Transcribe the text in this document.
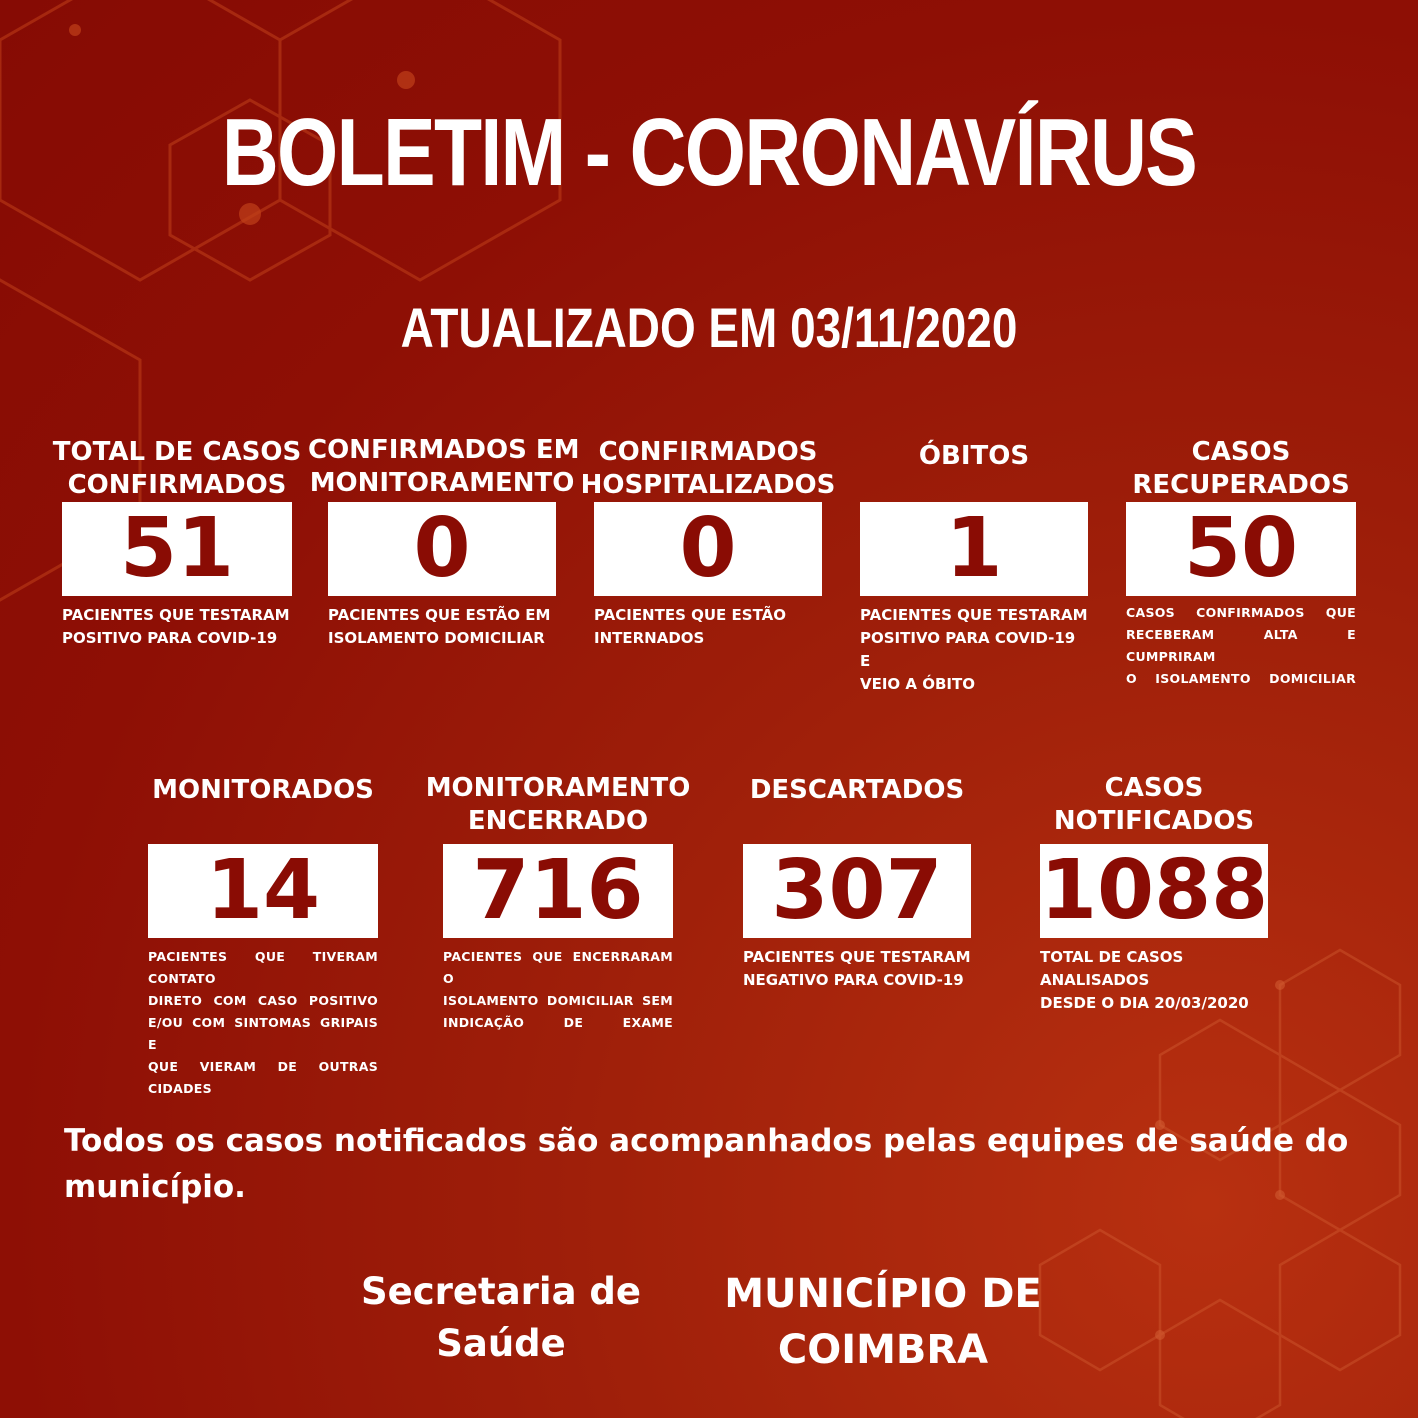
BOLETIM - CORONAVÍRUS
ATUALIZADO EM 03/11/2020
TOTAL DE CASOS
CONFIRMADOS
51
PACIENTES QUE TESTARAM
POSITIVO PARA COVID-19
CONFIRMADOS EM
MONITORAMENTO
0
PACIENTES QUE ESTÃO EM
ISOLAMENTO DOMICILIAR
CONFIRMADOS
HOSPITALIZADOS
0
PACIENTES QUE ESTÃO
INTERNADOS
ÓBITOS
1
PACIENTES QUE TESTARAM
POSITIVO PARA COVID-19 E
VEIO A ÓBITO
CASOS
RECUPERADOS
50
CASOS CONFIRMADOS QUE
RECEBERAM ALTA E CUMPRIRAM
O ISOLAMENTO DOMICILIAR
MONITORADOS
14
PACIENTES QUE TIVERAM CONTATO
DIRETO COM CASO POSITIVO
E/OU COM SINTOMAS GRIPAIS E
QUE VIERAM DE OUTRAS CIDADES
MONITORAMENTO
ENCERRADO
716
PACIENTES QUE ENCERRARAM O
ISOLAMENTO DOMICILIAR SEM
INDICAÇÃO DE EXAME
DESCARTADOS
307
PACIENTES QUE TESTARAM
NEGATIVO PARA COVID-19
CASOS
NOTIFICADOS
1088
TOTAL DE CASOS ANALISADOS
DESDE O DIA 20/03/2020
Todos os casos notificados são acompanhados pelas equipes de saúde do município.
Secretaria de
Saúde
MUNICÍPIO DE
COIMBRA
